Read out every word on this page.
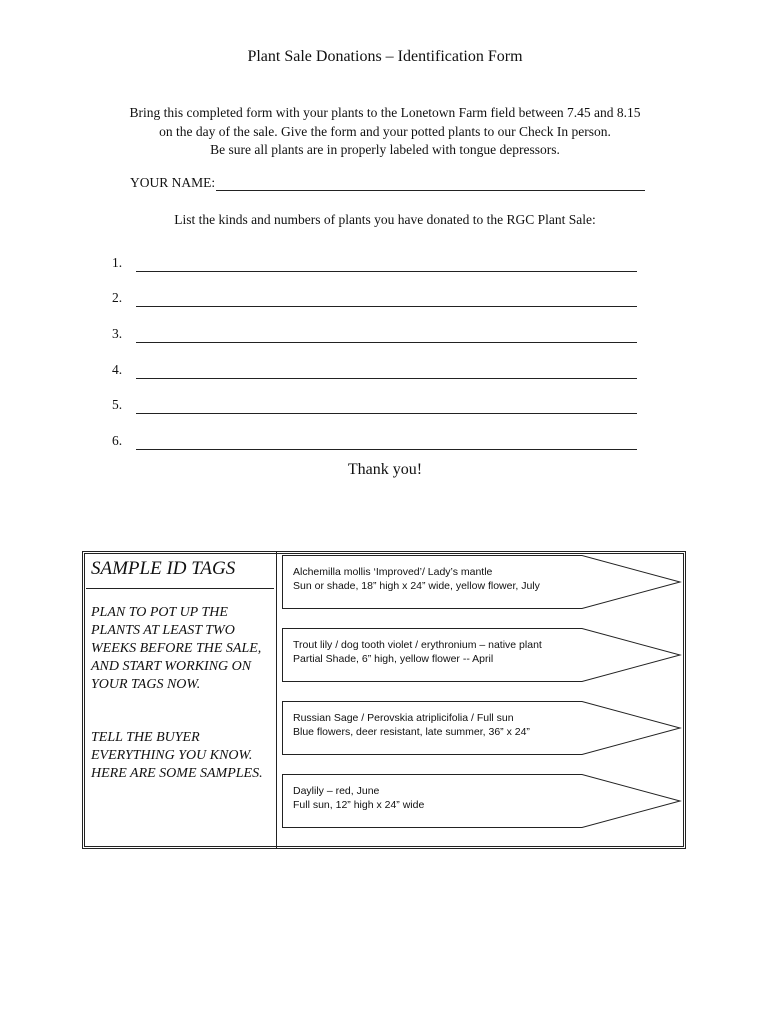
Plant Sale Donations – Identification Form
Bring this completed form with your plants to the Lonetown Farm field between 7.45 and 8.15
on the day of the sale. Give the form and your potted plants to our Check In person.
Be sure all plants are in properly labeled with tongue depressors.
YOUR NAME:
List the kinds and numbers of plants you have donated to the RGC Plant Sale:
1.
2.
3.
4.
5.
6.
Thank you!
SAMPLE ID TAGS
PLAN TO POT UP THE PLANTS AT LEAST TWO WEEKS BEFORE THE SALE, AND START WORKING ON YOUR TAGS NOW.
TELL THE BUYER EVERYTHING YOU KNOW. HERE ARE SOME SAMPLES.
Alchemilla mollis ‘Improved’/ Lady’s mantle
Sun or shade, 18” high x 24” wide, yellow flower, July
Trout lily / dog tooth violet / erythronium – native plant
Partial Shade, 6” high, yellow flower -- April
Russian Sage / Perovskia atriplicifolia / Full sun
Blue flowers, deer resistant, late summer, 36” x 24”
Daylily – red, June
Full sun, 12” high x 24” wide
